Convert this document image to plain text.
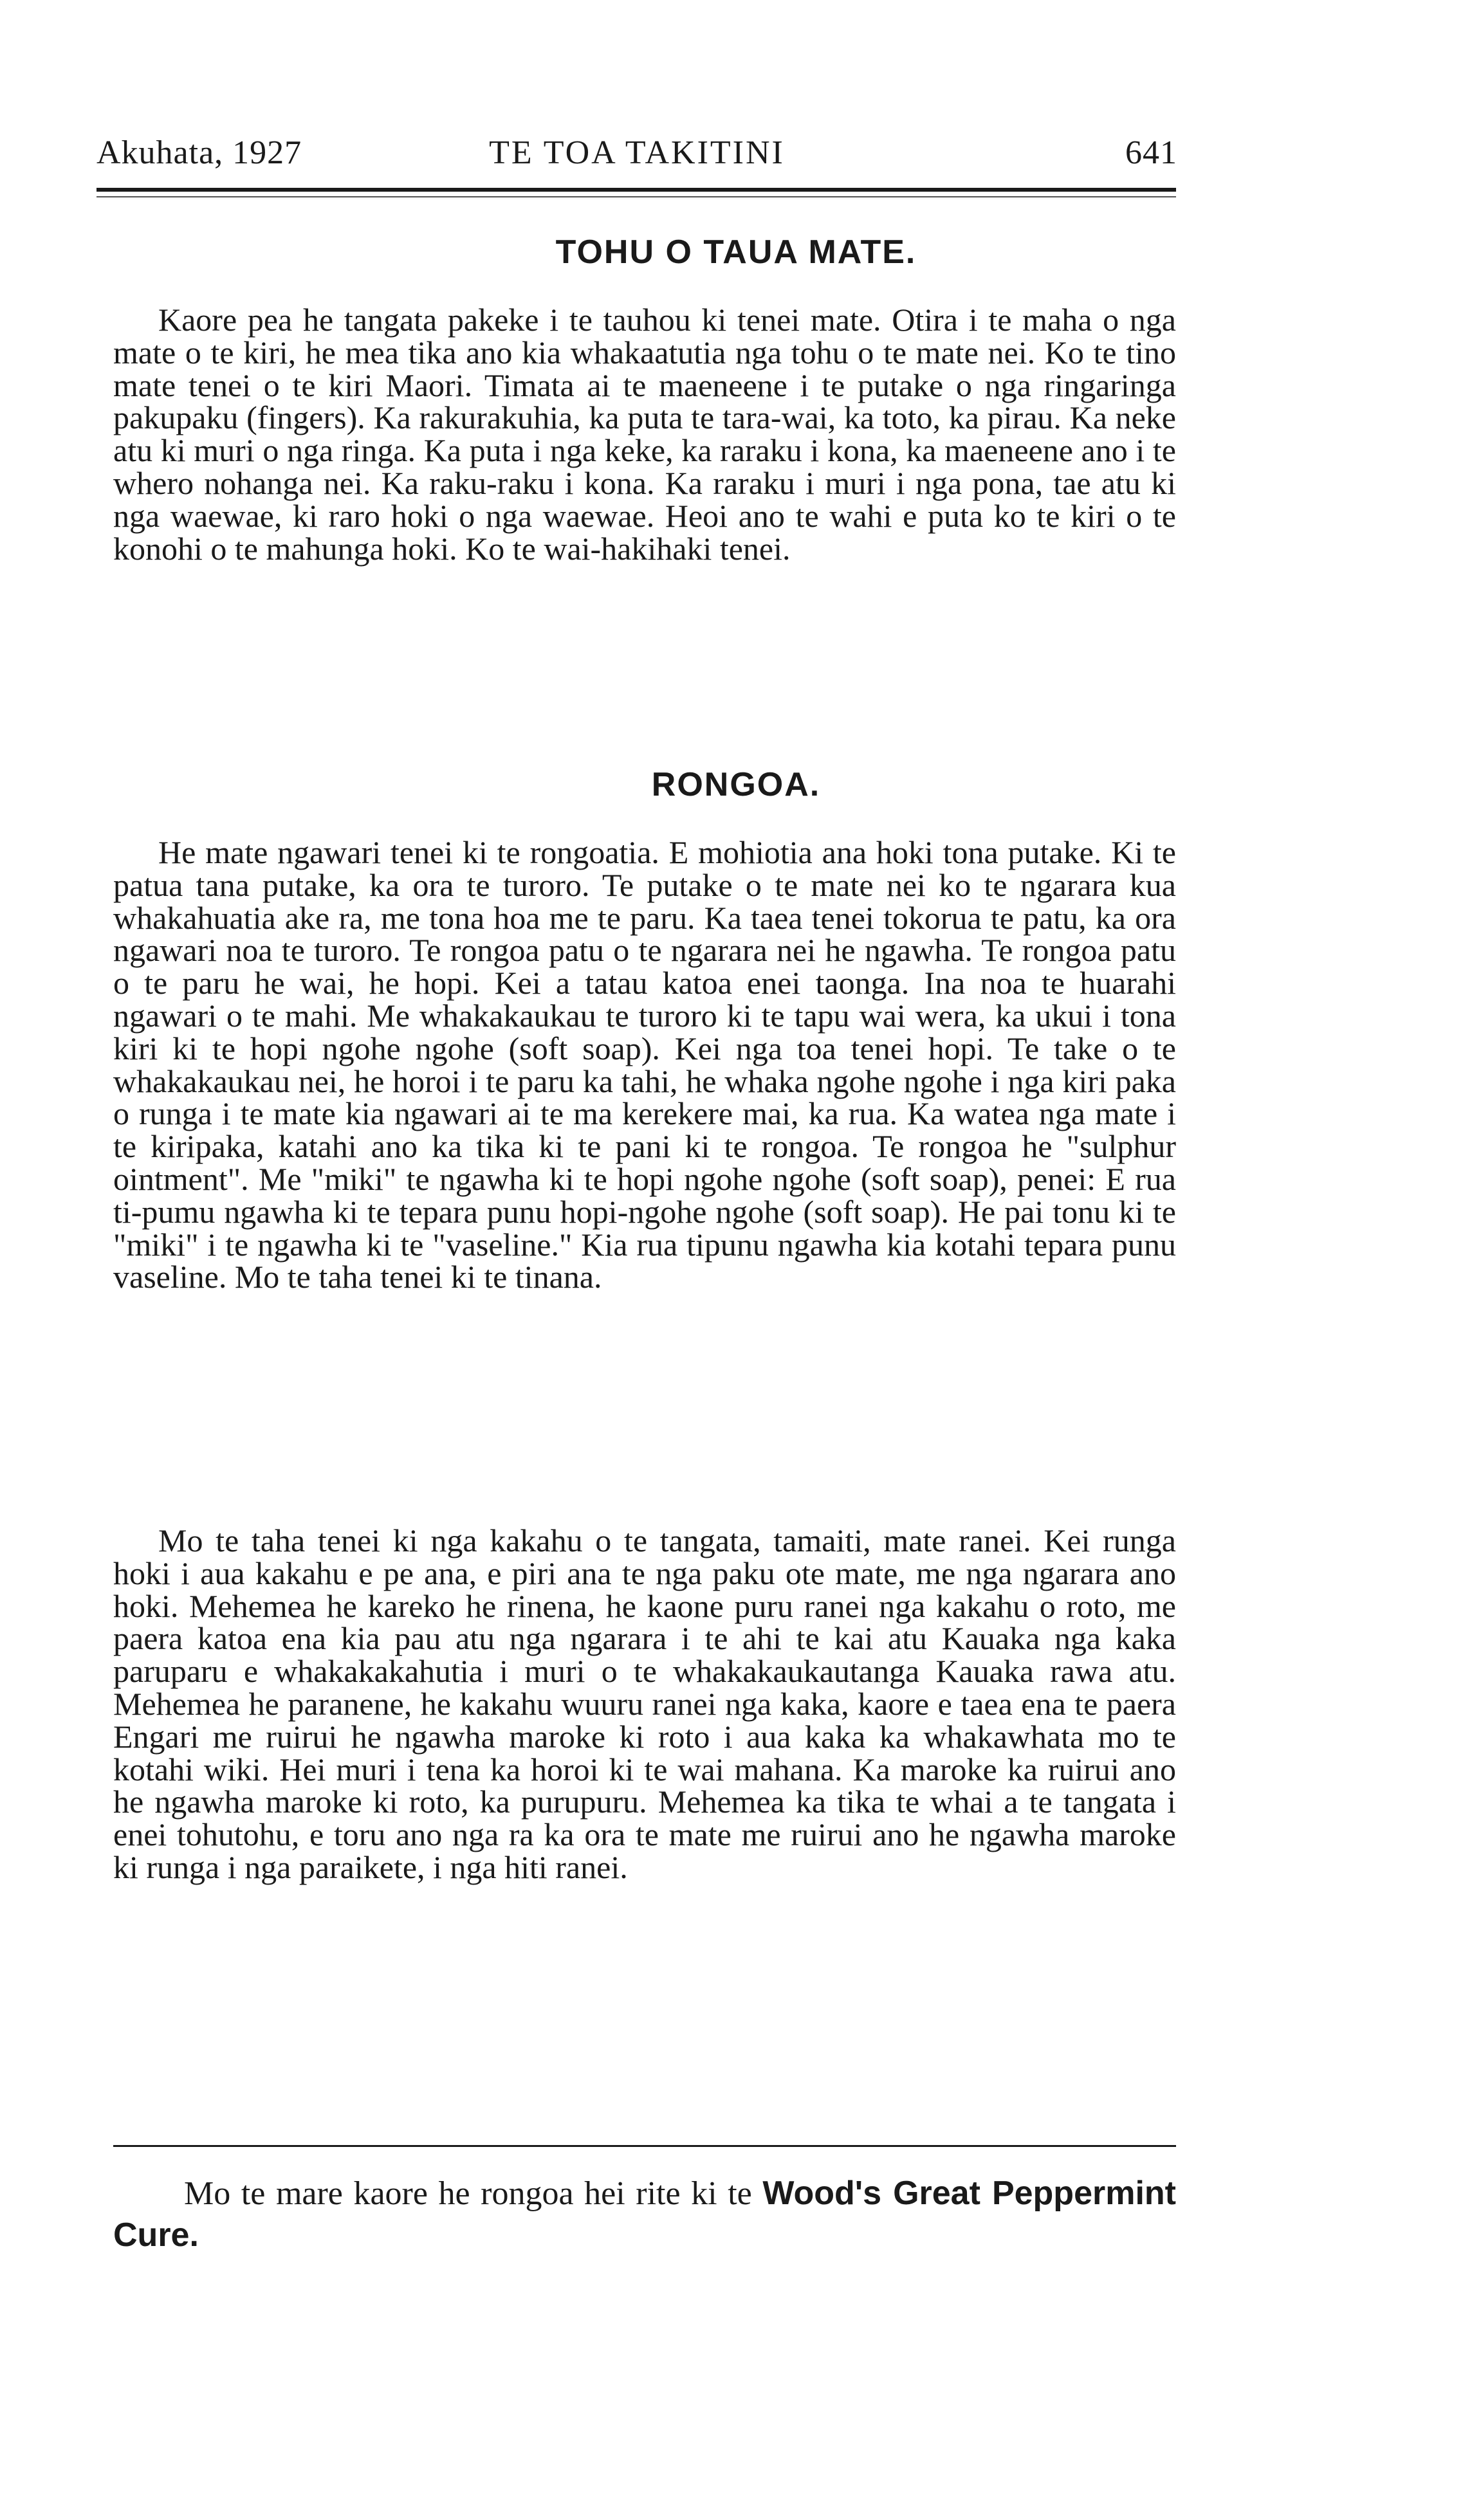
Akuhata, 1927	TE TOA TAKITINI	641
TOHU O TAUA MATE.

Kaore pea he tangata pakeke i te tauhou ki tenei mate. Otira i te maha o nga mate o te kiri, he mea tika ano kia whakaatutia nga tohu o te mate nei. Ko te tino mate tenei o te kiri Maori. Timata ai te maeneene i te putake o nga ringaringa pakupaku (fingers). Ka rakurakuhia, ka puta te tara-wai, ka toto, ka pirau. Ka neke atu ki muri o nga ringa. Ka puta i nga keke, ka raraku i kona, ka maeneene ano i te whero nohanga nei. Ka raku-raku i kona. Ka raraku i muri i nga pona, tae atu ki nga waewae, ki raro hoki o nga waewae. Heoi ano te wahi e puta ko te kiri o te konohi o te mahunga hoki. Ko te wai-hakihaki tenei.

RONGOA.

He mate ngawari tenei ki te rongoatia. E mohiotia ana hoki tona putake. Ki te patua tana putake, ka ora te turoro. Te putake o te mate nei ko te ngarara kua whakahuatia ake ra, me tona hoa me te paru. Ka taea tenei tokorua te patu, ka ora ngawari noa te turoro. Te rongoa patu o te ngarara nei he ngawha. Te rongoa patu o te paru he wai, he hopi. Kei a tatau katoa enei taonga. Ina noa te huarahi ngawari o te mahi. Me whakakaukau te turoro ki te tapu wai wera, ka ukui i tona kiri ki te hopi ngohe ngohe (soft soap). Kei nga toa tenei hopi. Te take o te whakakaukau nei, he horoi i te paru ka tahi, he whaka ngohe ngohe i nga kiri paka o runga i te mate kia ngawari ai te ma kerekere mai, ka rua. Ka watea nga mate i te kiripaka, katahi ano ka tika ki te pani ki te rongoa. Te rongoa he "sulphur ointment". Me "miki" te ngawha ki te hopi ngohe ngohe (soft soap), penei: E rua ti-pumu ngawha ki te tepara punu hopi-ngohe ngohe (soft soap). He pai tonu ki te "miki" i te ngawha ki te "vaseline." Kia rua tipunu ngawha kia kotahi tepara punu vaseline. Mo te taha tenei ki te tinana.

Mo te taha tenei ki nga kakahu o te tangata, tamaiti, mate ranei. Kei runga hoki i aua kakahu e pe ana, e piri ana te nga paku ote mate, me nga ngarara ano hoki. Mehemea he kareko he rinena, he kaone puru ranei nga kakahu o roto, me paera katoa ena kia pau atu nga ngarara i te ahi te kai atu Kauaka nga kaka paruparu e whakakakahutia i muri o te whakakaukautanga Kauaka rawa atu. Mehemea he paranene, he kakahu wuuru ranei nga kaka, kaore e taea ena te paera Engari me ruirui he ngawha maroke ki roto i aua kaka ka whakawhata mo te kotahi wiki. Hei muri i tena ka horoi ki te wai mahana. Ka maroke ka ruirui ano he ngawha maroke ki roto, ka purupuru. Mehemea ka tika te whai a te tangata i enei tohutohu, e toru ano nga ra ka ora te mate me ruirui ano he ngawha maroke ki runga i nga paraikete, i nga hiti ranei.

Mo te mare kaore he rongoa hei rite ki te Wood's Great Peppermint Cure.
